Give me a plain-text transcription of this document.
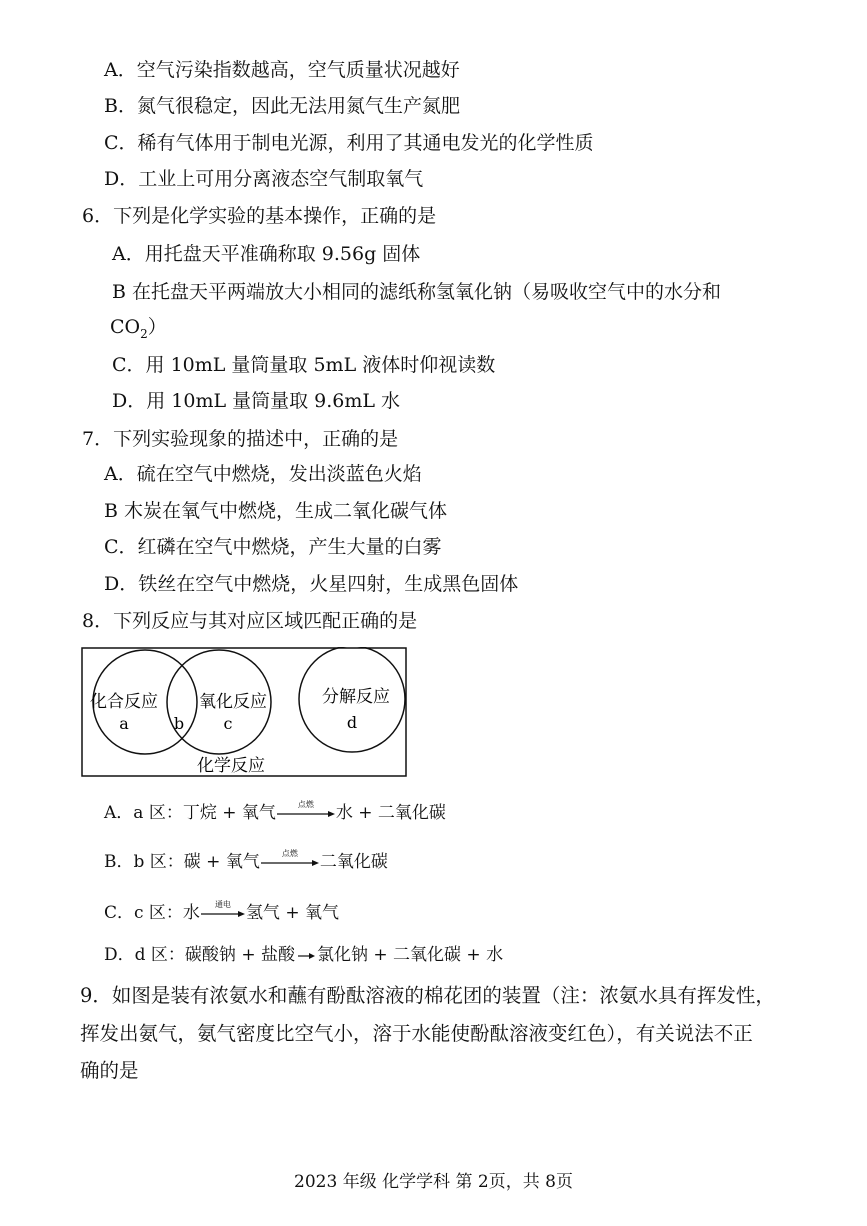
A．空气污染指数越高，空气质量状况越好
B．氮气很稳定，因此无法用氮气生产氮肥
C．稀有气体用于制电光源，利用了其通电发光的化学性质
D．工业上可用分离液态空气制取氧气
6．下列是化学实验的基本操作，正确的是
A．用托盘天平准确称取 9.56g 固体
B 在托盘天平两端放大小相同的滤纸称氢氧化钠（易吸收空气中的水分和
$CO_2$）
C．用 10mL 量筒量取 5mL 液体时仰视读数
D．用 10mL 量筒量取 9.6mL 水
7．下列实验现象的描述中，正确的是
A．硫在空气中燃烧，发出淡蓝色火焰
B 木炭在氧气中燃烧，生成二氧化碳气体
C．红磷在空气中燃烧，产生大量的白雾
D．铁丝在空气中燃烧，火星四射，生成黑色固体
8．下列反应与其对应区域匹配正确的是
化合反应
a	b
氧化反应
c
分解反应
d
化学反应
A．a 区：丁烷 + 氧气	点燃	水 + 二氧化碳
B．b 区：碳 + 氧气	点燃	二氧化碳
C．c 区：水	通电 氢气 + 氧气
D．d 区：碳酸钠 + 盐酸 → 氯化钠 + 二氧化碳 + 水
9．如图是装有浓氨水和蘸有酚酞溶液的棉花团的装置（注：浓氨水具有挥发性，
挥发出氨气，氨气密度比空气小，溶于水能使酚酞溶液变红色），有关说法不正
确的是
2023 年级 化学学科 第 2页，共 8页
